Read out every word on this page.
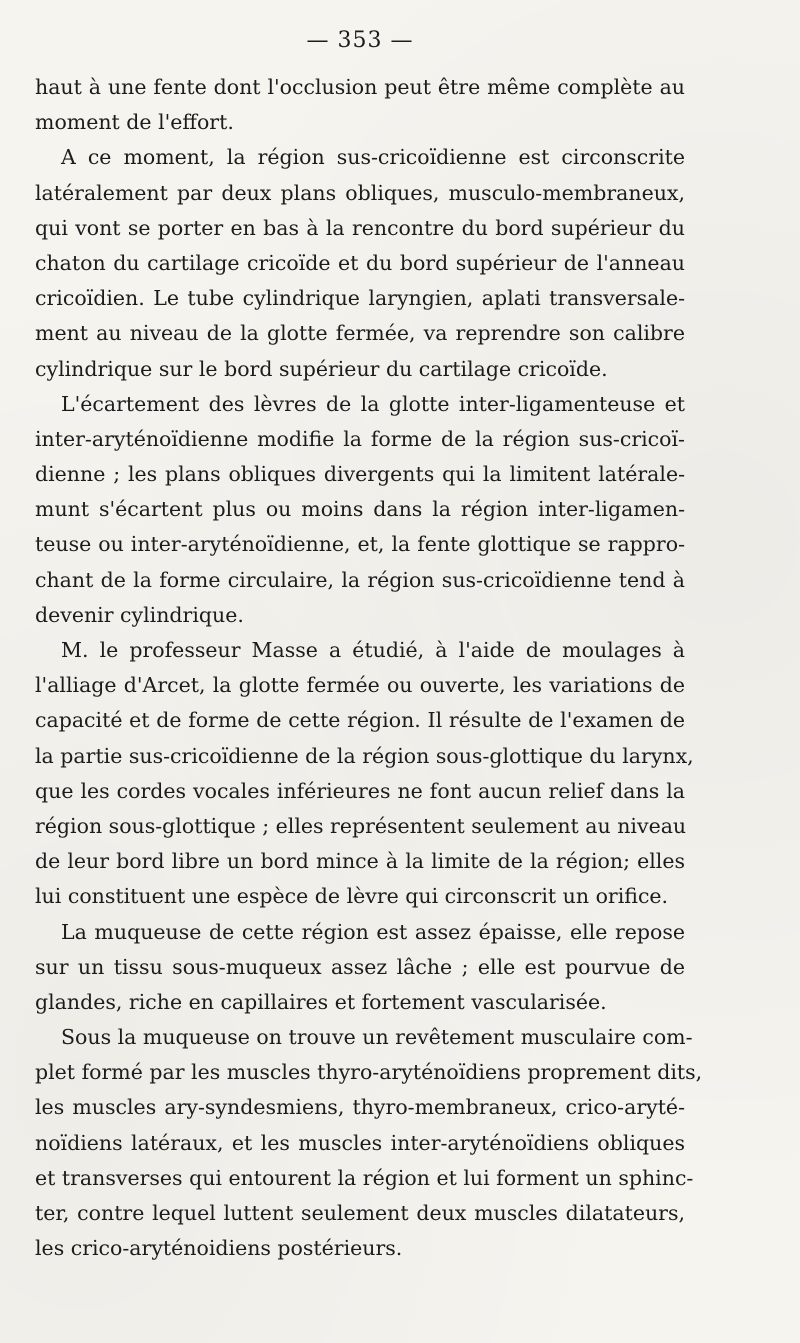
— 353 —
haut à une fente dont l'occlusion peut être même complète au
moment de l'effort.
A ce moment, la région sus-cricoïdienne est circonscrite
latéralement par deux plans obliques, musculo-membraneux,
qui vont se porter en bas à la rencontre du bord supérieur du
chaton du cartilage cricoïde et du bord supérieur de l'anneau
cricoïdien. Le tube cylindrique laryngien, aplati transversale-
ment au niveau de la glotte fermée, va reprendre son calibre
cylindrique sur le bord supérieur du cartilage cricoïde.
L'écartement des lèvres de la glotte inter-ligamenteuse et
inter-aryténoïdienne modifie la forme de la région sus-cricoï-
dienne ; les plans obliques divergents qui la limitent latérale-
munt s'écartent plus ou moins dans la région inter-ligamen-
teuse ou inter-aryténoïdienne, et, la fente glottique se rappro-
chant de la forme circulaire, la région sus-cricoïdienne tend à
devenir cylindrique.
M. le professeur Masse a étudié, à l'aide de moulages à
l'alliage d'Arcet, la glotte fermée ou ouverte, les variations de
capacité et de forme de cette région. Il résulte de l'examen de
la partie sus-cricoïdienne de la région sous-glottique du larynx,
que les cordes vocales inférieures ne font aucun relief dans la
région sous-glottique ; elles représentent seulement au niveau
de leur bord libre un bord mince à la limite de la région; elles
lui constituent une espèce de lèvre qui circonscrit un orifice.
La muqueuse de cette région est assez épaisse, elle repose
sur un tissu sous-muqueux assez lâche ; elle est pourvue de
glandes, riche en capillaires et fortement vascularisée.
Sous la muqueuse on trouve un revêtement musculaire com-
plet formé par les muscles thyro-aryténoïdiens proprement dits,
les muscles ary-syndesmiens, thyro-membraneux, crico-aryté-
noïdiens latéraux, et les muscles inter-aryténoïdiens obliques
et transverses qui entourent la région et lui forment un sphinc-
ter, contre lequel luttent seulement deux muscles dilatateurs,
les crico-aryténoidiens postérieurs.
